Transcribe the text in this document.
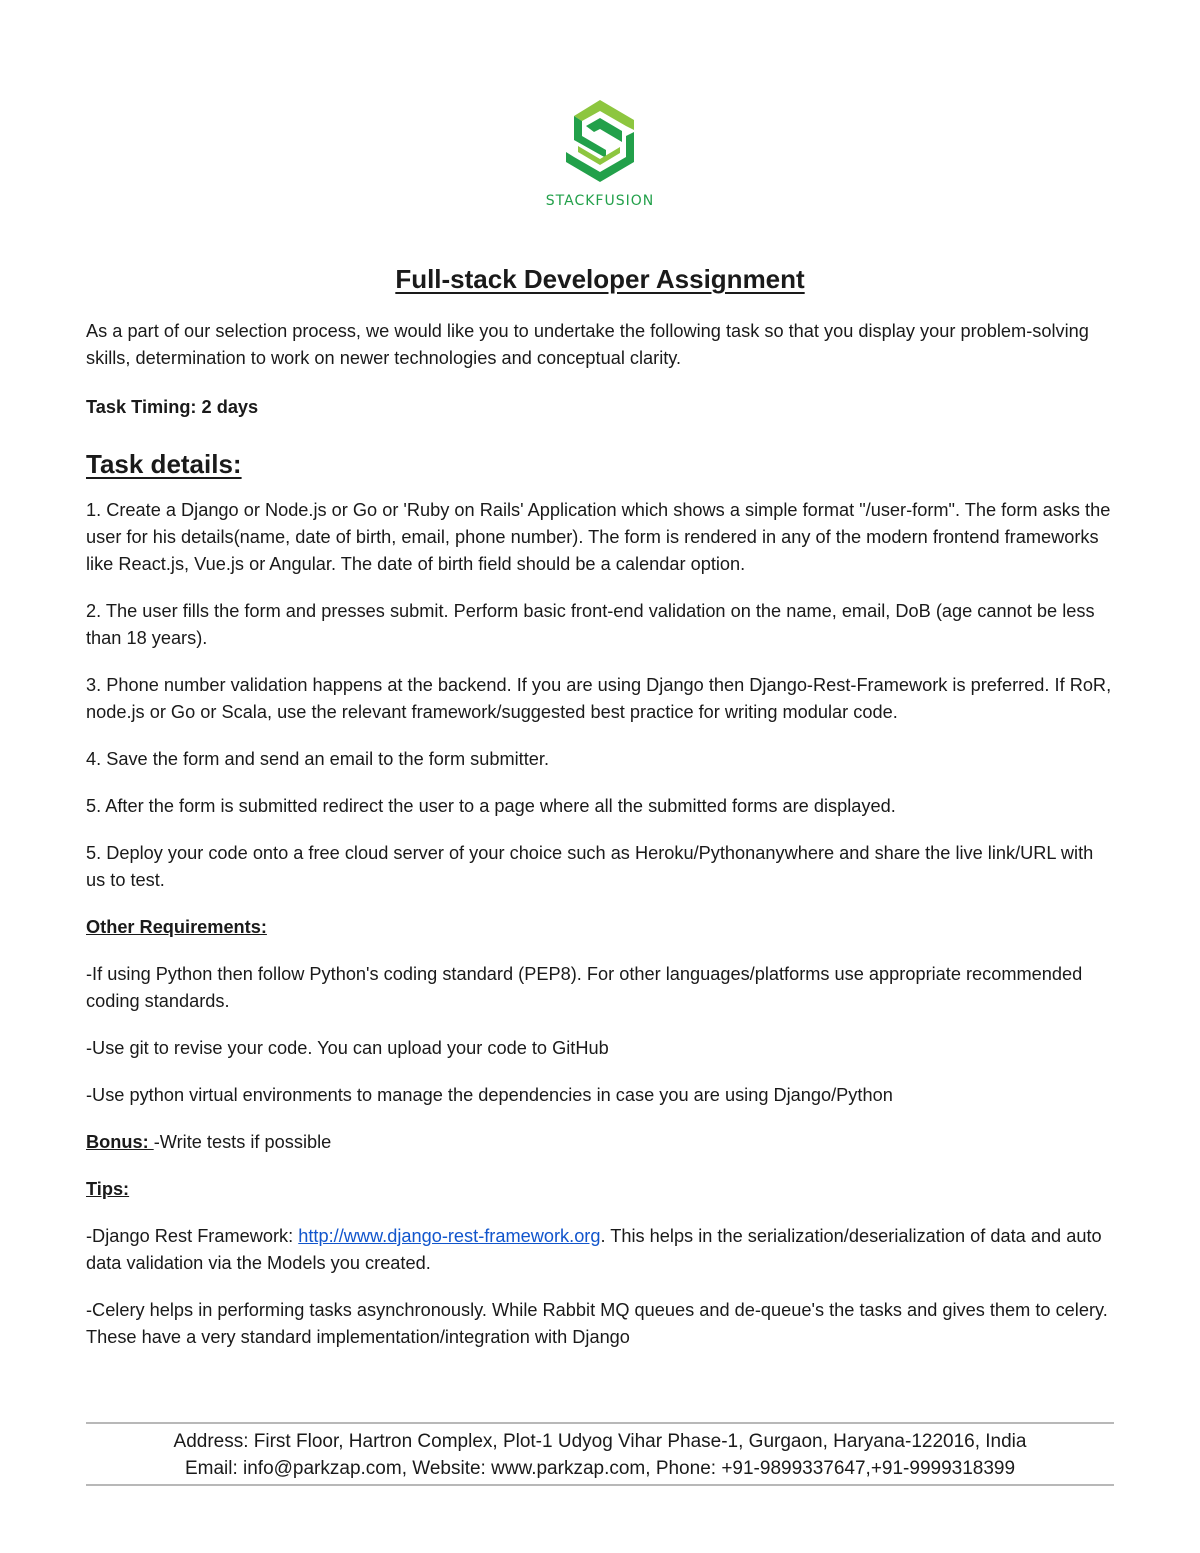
STACKFUSION
Full-stack Developer Assignment

As a part of our selection process, we would like you to undertake the following task so that you display your problem-solving skills, determination to work on newer technologies and conceptual clarity.

Task Timing: 2 days

Task details:

1. Create a Django or Node.js or Go or 'Ruby on Rails' Application which shows a simple format "/user-form". The form asks the user for his details(name, date of birth, email, phone number). The form is rendered in any of the modern frontend frameworks like React.js, Vue.js or Angular. The date of birth field should be a calendar option.

2. The user fills the form and presses submit. Perform basic front-end validation on the name, email, DoB (age cannot be less than 18 years).

3. Phone number validation happens at the backend. If you are using Django then Django-Rest-Framework is preferred. If RoR, node.js or Go or Scala, use the relevant framework/suggested best practice for writing modular code.

4. Save the form and send an email to the form submitter.

5. After the form is submitted redirect the user to a page where all the submitted forms are displayed.

5. Deploy your code onto a free cloud server of your choice such as Heroku/Pythonanywhere and share the live link/URL with us to test.

Other Requirements:

-If using Python then follow Python's coding standard (PEP8). For other languages/platforms use appropriate recommended coding standards.

-Use git to revise your code. You can upload your code to GitHub

-Use python virtual environments to manage the dependencies in case you are using Django/Python

Bonus: -Write tests if possible

Tips:

-Django Rest Framework: http://www.django-rest-framework.org. This helps in the serialization/deserialization of data and auto data validation via the Models you created.

-Celery helps in performing tasks asynchronously. While Rabbit MQ queues and de-queue's the tasks and gives them to celery. These have a very standard implementation/integration with Django

Address: First Floor, Hartron Complex, Plot-1 Udyog Vihar Phase-1, Gurgaon, Haryana-122016, India
Email: info@parkzap.com, Website: www.parkzap.com, Phone: +91-9899337647,+91-9999318399
